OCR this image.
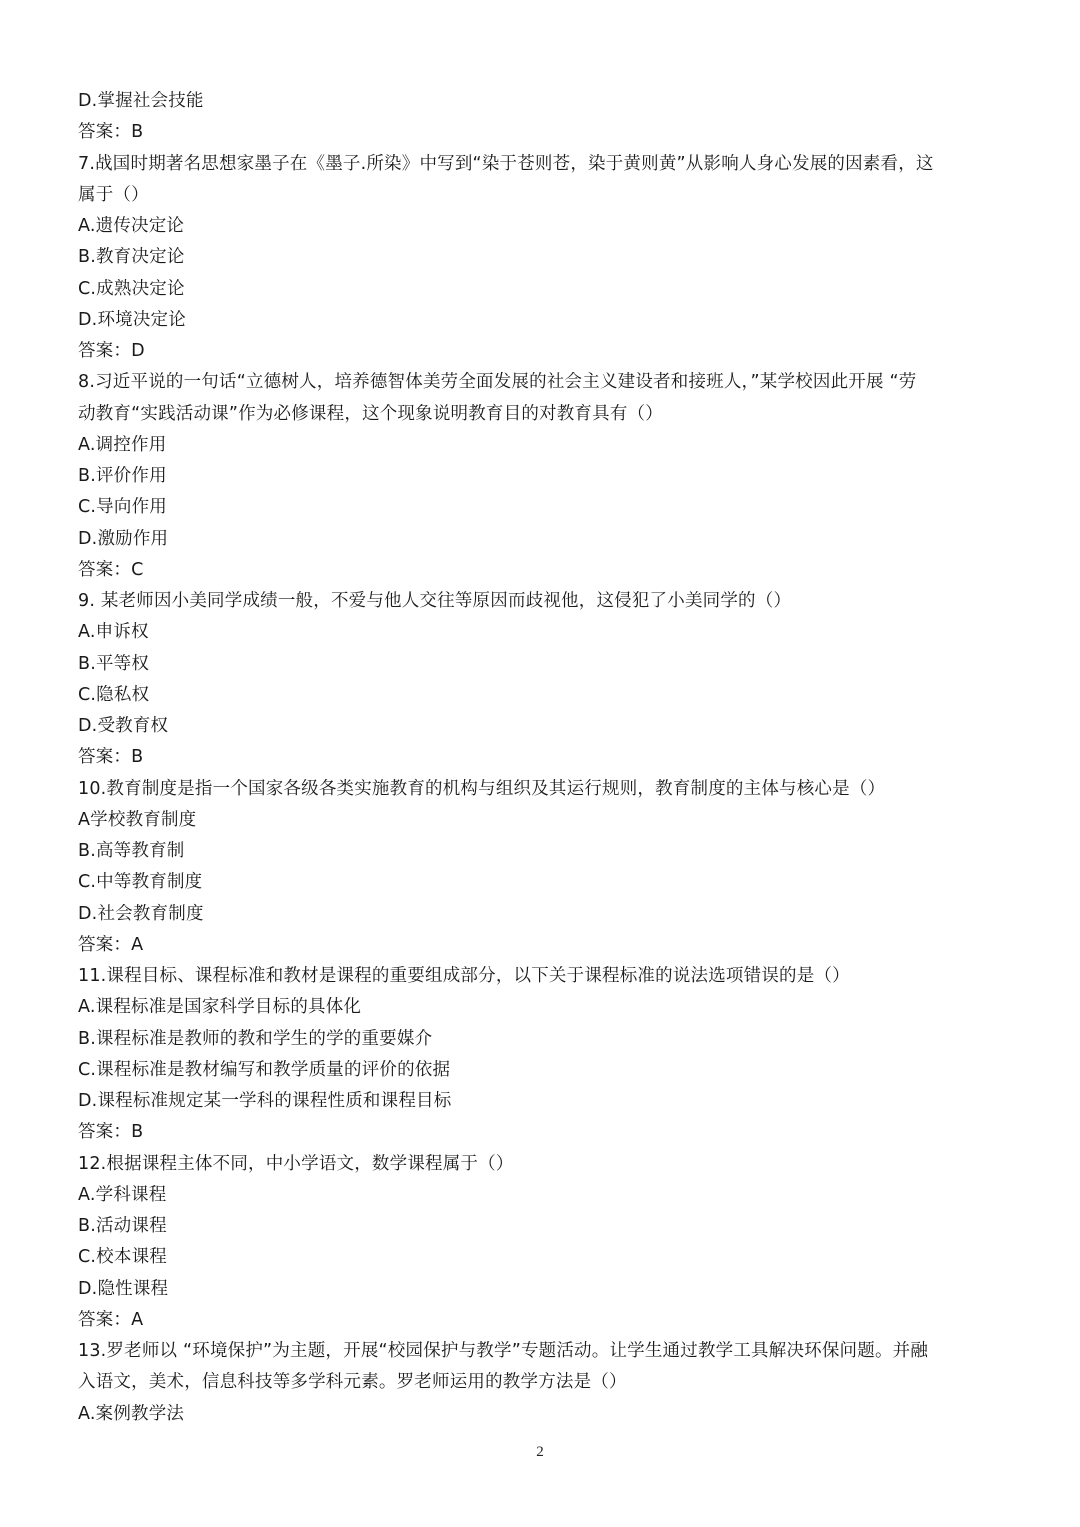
D.掌握社会技能
答案：B
7.战国时期著名思想家墨子在《墨子.所染》中写到“染于苍则苍，染于黄则黄”从影响人身心发展的因素看，这
属于（）
A.遗传决定论
B.教育决定论
C.成熟决定论
D.环境决定论
答案：D
8.习近平说的一句话“立德树人，培养德智体美劳全面发展的社会主义建设者和接班人，”某学校因此开展 “劳
动教育“实践活动课”作为必修课程，这个现象说明教育目的对教育具有（）
A.调控作用
B.评价作用
C.导向作用
D.激励作用
答案：C
9. 某老师因小美同学成绩一般，不爱与他人交往等原因而歧视他，这侵犯了小美同学的（）
A.申诉权
B.平等权
C.隐私权
D.受教育权
答案：B
10.教育制度是指一个国家各级各类实施教育的机构与组织及其运行规则，教育制度的主体与核心是（）
A学校教育制度
B.高等教育制
C.中等教育制度
D.社会教育制度
答案：A
11.课程目标、课程标准和教材是课程的重要组成部分，以下关于课程标准的说法选项错误的是（）
A.课程标准是国家科学目标的具体化
B.课程标准是教师的教和学生的学的重要媒介
C.课程标准是教材编写和教学质量的评价的依据
D.课程标准规定某一学科的课程性质和课程目标
答案：B
12.根据课程主体不同，中小学语文，数学课程属于（）
A.学科课程
B.活动课程
C.校本课程
D.隐性课程
答案：A
13.罗老师以 “环境保护”为主题，开展“校园保护与教学”专题活动。让学生通过教学工具解决环保问题。并融
入语文，美术，信息科技等多学科元素。罗老师运用的教学方法是（）
A.案例教学法
2
